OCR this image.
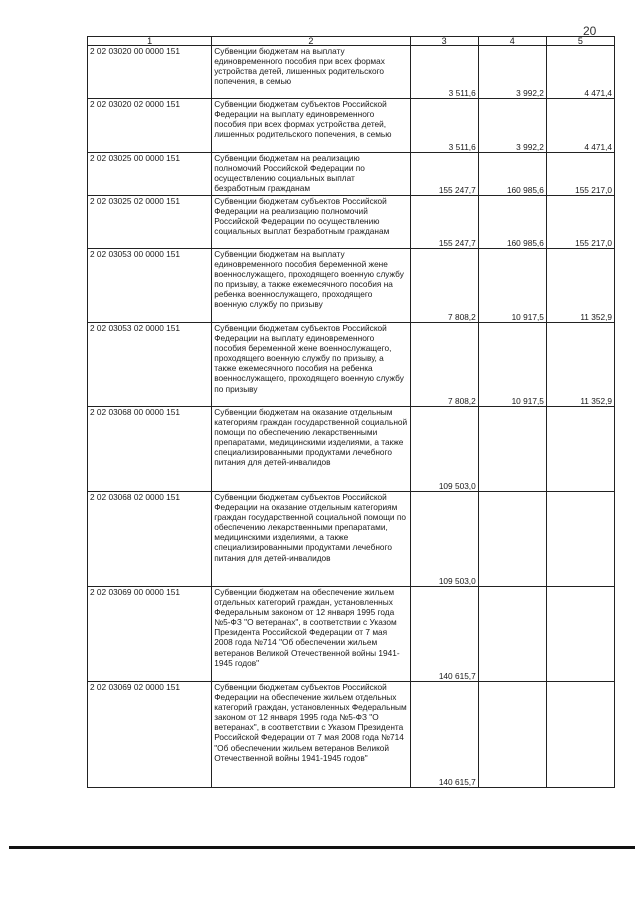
20
1	2	3	4	5
2 02 03020 00 0000 151	Субвенции бюджетам на выплату единовременного пособия при всех формах устройства детей, лишенных родительского попечения, в семью	3 511,6	3 992,2	4 471,4
2 02 03020 02 0000 151	Субвенции бюджетам субъектов Российской Федерации на выплату единовременного пособия при всех формах устройства детей, лишенных родительского попечения, в семью	3 511,6	3 992,2	4 471,4
2 02 03025 00 0000 151	Субвенции бюджетам на реализацию полномочий Российской Федерации по осуществлению социальных выплат безработным гражданам	155 247,7	160 985,6	155 217,0
2 02 03025 02 0000 151	Субвенции бюджетам субъектов Российской Федерации на реализацию полномочий Российской Федерации по осуществлению социальных выплат безработным гражданам	155 247,7	160 985,6	155 217,0
2 02 03053 00 0000 151	Субвенции бюджетам на выплату единовременного пособия беременной жене военнослужащего, проходящего военную службу по призыву, а также ежемесячного пособия на ребенка военнослужащего, проходящего военную службу по призыву	7 808,2	10 917,5	11 352,9
2 02 03053 02 0000 151	Субвенции бюджетам субъектов Российской Федерации на выплату единовременного пособия беременной жене военнослужащего, проходящего военную службу по призыву, а также ежемесячного пособия на ребенка военнослужащего, проходящего военную службу по призыву	7 808,2	10 917,5	11 352,9
2 02 03068 00 0000 151	Субвенции бюджетам на оказание отдельным категориям граждан государственной социальной помощи по обеспечению лекарственными препаратами, медицинскими изделиями, а также специализированными продуктами лечебного питания для детей-инвалидов	109 503,0		
2 02 03068 02 0000 151	Субвенции бюджетам субъектов Российской Федерации на оказание отдельным категориям граждан государственной социальной помощи по обеспечению лекарственными препаратами, медицинскими изделиями, а также специализированными продуктами лечебного питания для детей-инвалидов	109 503,0		
2 02 03069 00 0000 151	Субвенции бюджетам на обеспечение жильем отдельных категорий граждан, установленных Федеральным законом от 12 января 1995 года №5-ФЗ "О ветеранах", в соответствии с Указом Президента Российской Федерации от 7 мая 2008 года №714 "Об обеспечении жильем ветеранов Великой Отечественной войны 1941-1945 годов"	140 615,7		
2 02 03069 02 0000 151	Субвенции бюджетам субъектов Российской Федерации на обеспечение жильем отдельных категорий граждан, установленных Федеральным законом от 12 января 1995 года №5-ФЗ "О ветеранах", в соответствии с Указом Президента Российской Федерации от 7 мая 2008 года №714 "Об обеспечении жильем ветеранов Великой Отечественной войны 1941-1945 годов"	140 615,7		
